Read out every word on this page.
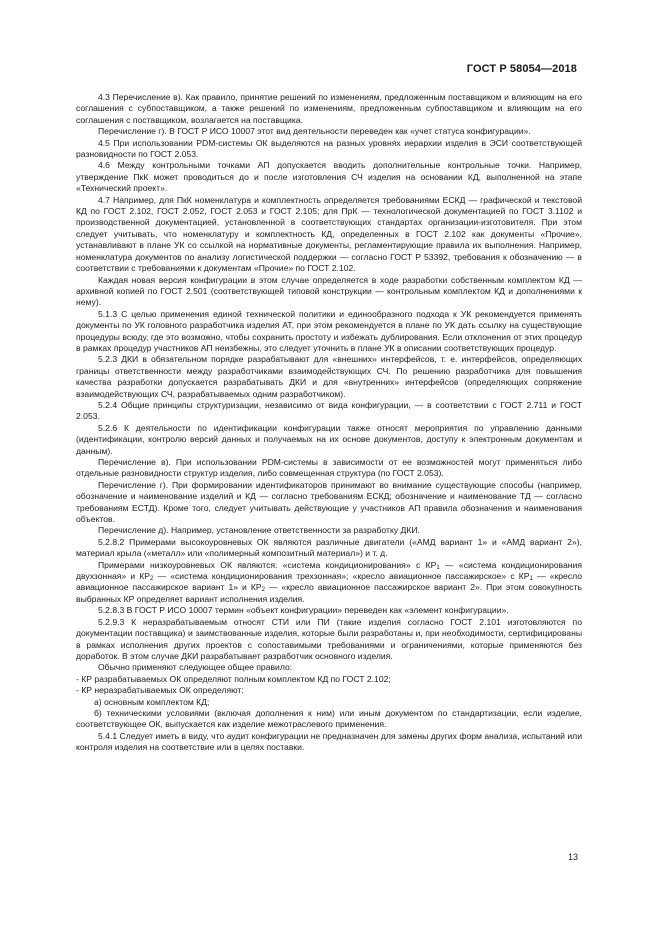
ГОСТ Р 58054—2018

4.3 Перечисление в). Как правило, принятие решений по изменениям, предложенным поставщиком и влияющим на его соглашения с субпоставщиком, а также решений по изменениям, предложенным субпоставщиком и влияющим на его соглашения с поставщиком, возлагается на поставщика.

Перечисление г). В ГОСТ Р ИСО 10007 этот вид деятельности переведен как «учет статуса конфигурации».

4.5 При использовании PDM-системы ОК выделяются на разных уровнях иерархии изделия в ЭСИ соответствующей разновидности по ГОСТ 2.053.

4.6 Между контрольными точками АП допускается вводить дополнительные контрольные точки. Например, утверждение ПкК может проводиться до и после изготовления СЧ изделия на основании КД, выполненной на этапе «Технический проект».

4.7 Например, для ПкК номенклатура и комплектность определяется требованиями ЕСКД — графической и текстовой КД по ГОСТ 2.102, ГОСТ 2.052, ГОСТ 2.053 и ГОСТ 2.105; для ПрК — технологической документацией по ГОСТ 3.1102 и производственной документацией, установленной в соответствующих стандартах организации-изготовителя. При этом следует учитывать, что номенклатуру и комплектность КД, определенных в ГОСТ 2.102 как документы «Прочие», устанавливают в плане УК со ссылкой на нормативные документы, регламентирующие правила их выполнения. Например, номенклатура документов по анализу логистической поддержки — согласно ГОСТ Р 53392, требования к обозначению — в соответствии с требованиями к документам «Прочие» по ГОСТ 2.102.

Каждая новая версия конфигурации в этом случае определяется в ходе разработки собственным комплектом КД — архивной копией по ГОСТ 2.501 (соответствующей типовой конструкции — контрольным комплектом КД и дополнениями к нему).

5.1.3 С целью применения единой технической политики и единообразного подхода к УК рекомендуется применять документы по УК головного разработчика изделия АТ, при этом рекомендуется в плане по УК дать ссылку на существующие процедуры всюду, где это возможно, чтобы сохранить простоту и избежать дублирования. Если отклонения от этих процедур в рамках процедур участников АП неизбежны, это следует уточнить в плане УК в описании соответствующих процедур.

5.2.3 ДКИ в обязательном порядке разрабатывают для «внешних» интерфейсов, т. е. интерфейсов, определяющих границы ответственности между разработчиками взаимодействующих СЧ. По решению разработчика для повышения качества разработки допускается разрабатывать ДКИ и для «внутренних» интерфейсов (определяющих сопряжение взаимодействующих СЧ, разрабатываемых одним разработчиком).

5.2.4 Общие принципы структуризации, независимо от вида конфигурации, — в соответствии с ГОСТ 2.711 и ГОСТ 2.053.

5.2.6 К деятельности по идентификации конфигурации также относят мероприятия по управлению данными (идентификации, контролю версий данных и получаемых на их основе документов, доступу к электронным документам и данным).

Перечисление в). При использовании PDM-системы в зависимости от ее возможностей могут применяться либо отдельные разновидности структур изделия, либо совмещенная структура (по ГОСТ 2.053).

Перечисление г). При формировании идентификаторов принимают во внимание существующие способы (например, обозначение и наименование изделий и КД — согласно требованиям ЕСКД; обозначение и наименование ТД — согласно требованиям ЕСТД). Кроме того, следует учитывать действующие у участников АП правила обозначения и наименования объектов.

Перечисление д). Например, установление ответственности за разработку ДКИ.

5.2.8.2 Примерами высокоуровневых ОК являются различные двигатели («АМД вариант 1» и «АМД вариант 2»), материал крыла («металл» или «полимерный композитный материал») и т. д.

Примерами низкоуровневых ОК являются: «система кондиционирования» с $КР_1$ — «система кондиционирования двухзонная» и $КР_2$ — «система кондиционирования трехзонная»; «кресло авиационное пассажирское» с $КР_1$ — «кресло авиационное пассажирское вариант 1» и $КР_2$ — «кресло авиационное пассажирское вариант 2». При этом совокупность выбранных КР определяет вариант исполнения изделия.

5.2.8.3 В ГОСТ Р ИСО 10007 термин «объект конфигурации» переведен как «элемент конфигурации».

5.2.9.3 К неразрабатываемым относят СТИ или ПИ (такие изделия согласно ГОСТ 2.101 изготовляются по документации поставщика) и заимствованные изделия, которые были разработаны и, при необходимости, сертифицированы в рамках исполнения других проектов с сопоставимыми требованиями и ограничениями, которые применяются без доработок. В этом случае ДКИ разрабатывает разработчик основного изделия.

Обычно применяют следующее общее правило:

- КР разрабатываемых ОК определяют полным комплектом КД по ГОСТ 2.102;

- КР неразрабатываемых ОК определяют:

а) основным комплектом КД;

б) техническими условиями (включая дополнения к ним) или иным документом по стандартизации, если изделие, соответствующее ОК, выпускается как изделие межотраслевого применения.

5.4.1 Следует иметь в виду, что аудит конфигурации не предназначен для замены других форм анализа, испытаний или контроля изделия на соответствие или в целях поставки.

13
